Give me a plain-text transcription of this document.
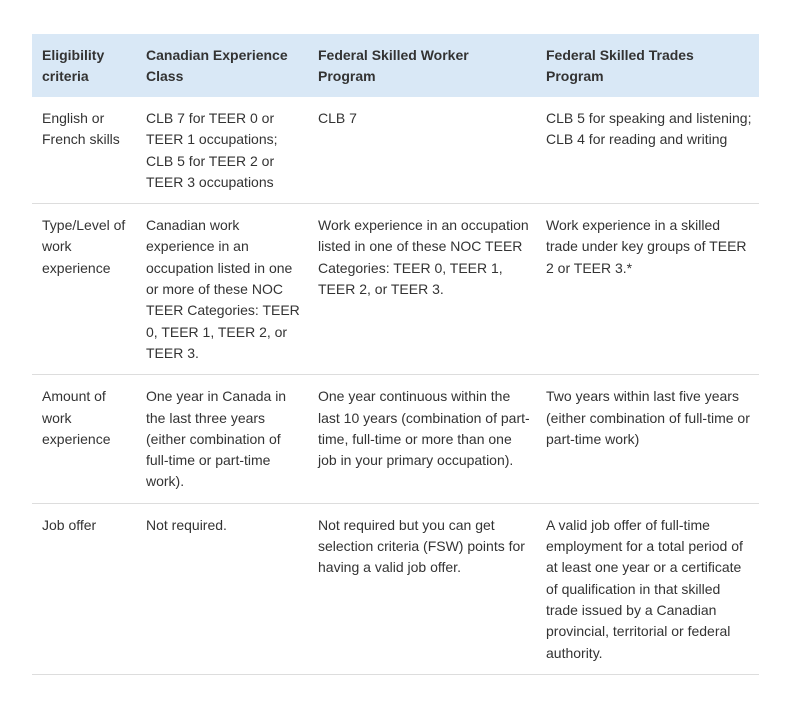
Eligibility criteria	Canadian Experience Class	Federal Skilled Worker Program	Federal Skilled Trades Program
English or French skills	CLB 7 for TEER 0 or TEER 1 occupations; CLB 5 for TEER 2 or TEER 3 occupations	CLB 7	CLB 5 for speaking and listening; CLB 4 for reading and writing
Type/Level of work experience	Canadian work experience in an occupation listed in one or more of these NOC TEER Categories: TEER 0, TEER 1, TEER 2, or TEER 3.	Work experience in an occupation listed in one of these NOC TEER Categories: TEER 0, TEER 1, TEER 2, or TEER 3.	Work experience in a skilled trade under key groups of TEER 2 or TEER 3.*
Amount of work experience	One year in Canada in the last three years (either combination of full-time or part-time work).	One year continuous within the last 10 years (combination of part-time, full-time or more than one job in your primary occupation).	Two years within last five years (either combination of full-time or part-time work)
Job offer	Not required.	Not required but you can get selection criteria (FSW) points for having a valid job offer.	A valid job offer of full-time employment for a total period of at least one year or a certificate of qualification in that skilled trade issued by a Canadian provincial, territorial or federal authority.
